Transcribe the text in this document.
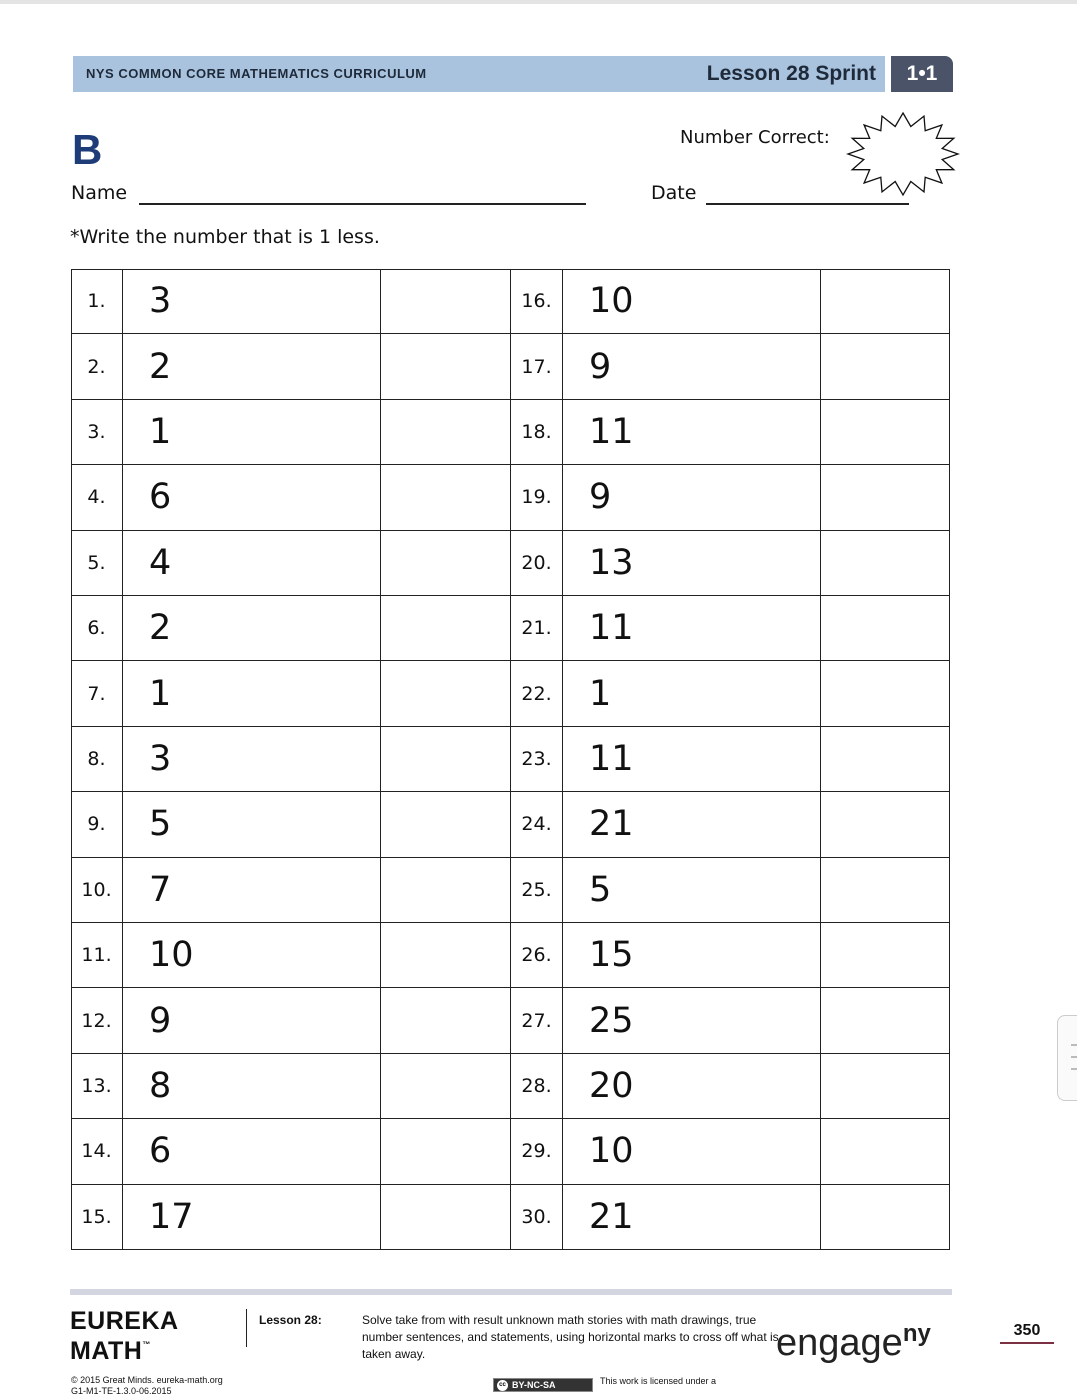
NYS COMMON CORE MATHEMATICS CURRICULUM	Lesson 28 Sprint	1•1
B	Number Correct:
Name	Date
*Write the number that is 1 less.
1.	3	16.	10
2.	2	17.	9
3.	1	18.	11
4.	6	19.	9
5.	4	20.	13
6.	2	21.	11
7.	1	22.	1
8.	3	23.	11
9.	5	24.	21
10.	7	25.	5
11.	10	26.	15
12.	9	27.	25
13.	8	28.	20
14.	6	29.	10
15.	17	30.	21
EUREKA
MATH™
Lesson 28:	Solve take from with result unknown math stories with math drawings, true number sentences, and statements, using horizontal marks to cross off what is taken away.	engage$^{ny}$	350
© 2015 Great Minds. eureka-math.org
G1-M1-TE-1.3.0-06.2015
cc BY-NC-SA	This work is licensed under a
